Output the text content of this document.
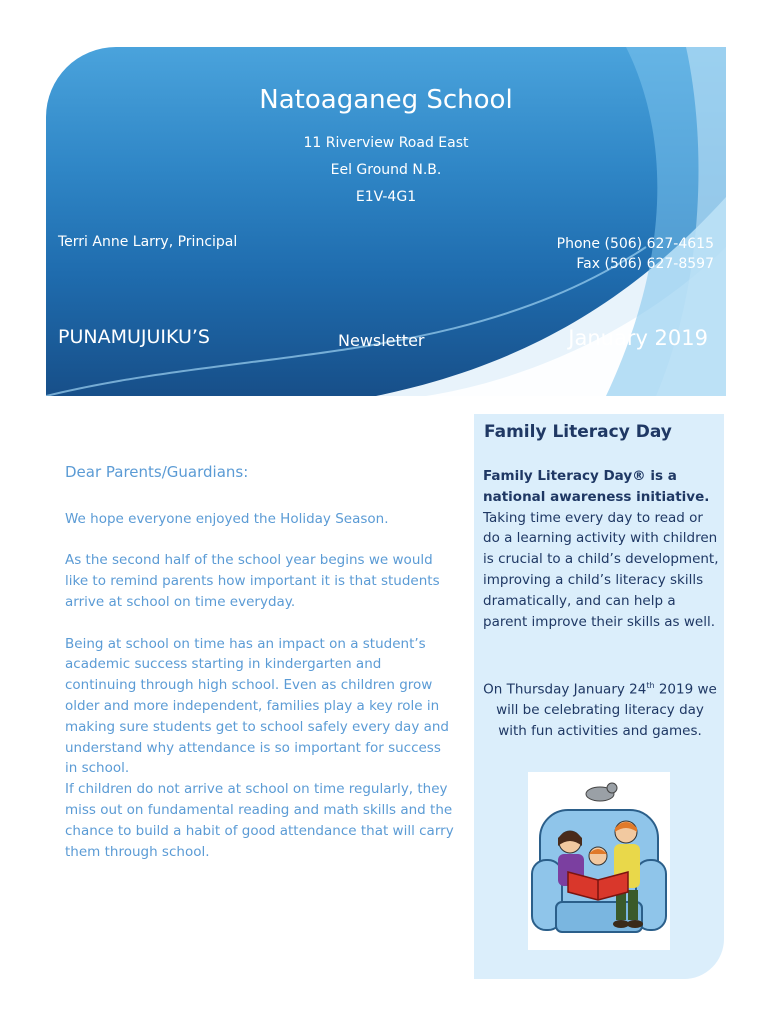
Natoaganeg School
11 Riverview Road East
Eel Ground N.B.
E1V-4G1
Terri Anne Larry, Principal	Phone (506) 627-4615
Fax (506) 627-8597
PUNAMUJUIKU’S	Newsletter	January 2019
Dear Parents/Guardians:

We hope everyone enjoyed the Holiday Season.

As the second half of the school year begins we would like to remind parents how important it is that students arrive at school on time everyday.

Being at school on time has an impact on a student’s academic success starting in kindergarten and continuing through high school. Even as children grow older and more independent, families play a key role in making sure students get to school safely every day and understand why attendance is so important for success in school.

If children do not arrive at school on time regularly, they miss out on fundamental reading and math skills and the chance to build a habit of good attendance that will carry them through school.

Family Literacy Day
Family Literacy Day® is a national awareness initiative. Taking time every day to read or do a learning activity with children is crucial to a child’s development, improving a child’s literacy skills dramatically, and can help a parent improve their skills as well.
On Thursday January 24th 2019 we will be celebrating literacy day with fun activities and games.
